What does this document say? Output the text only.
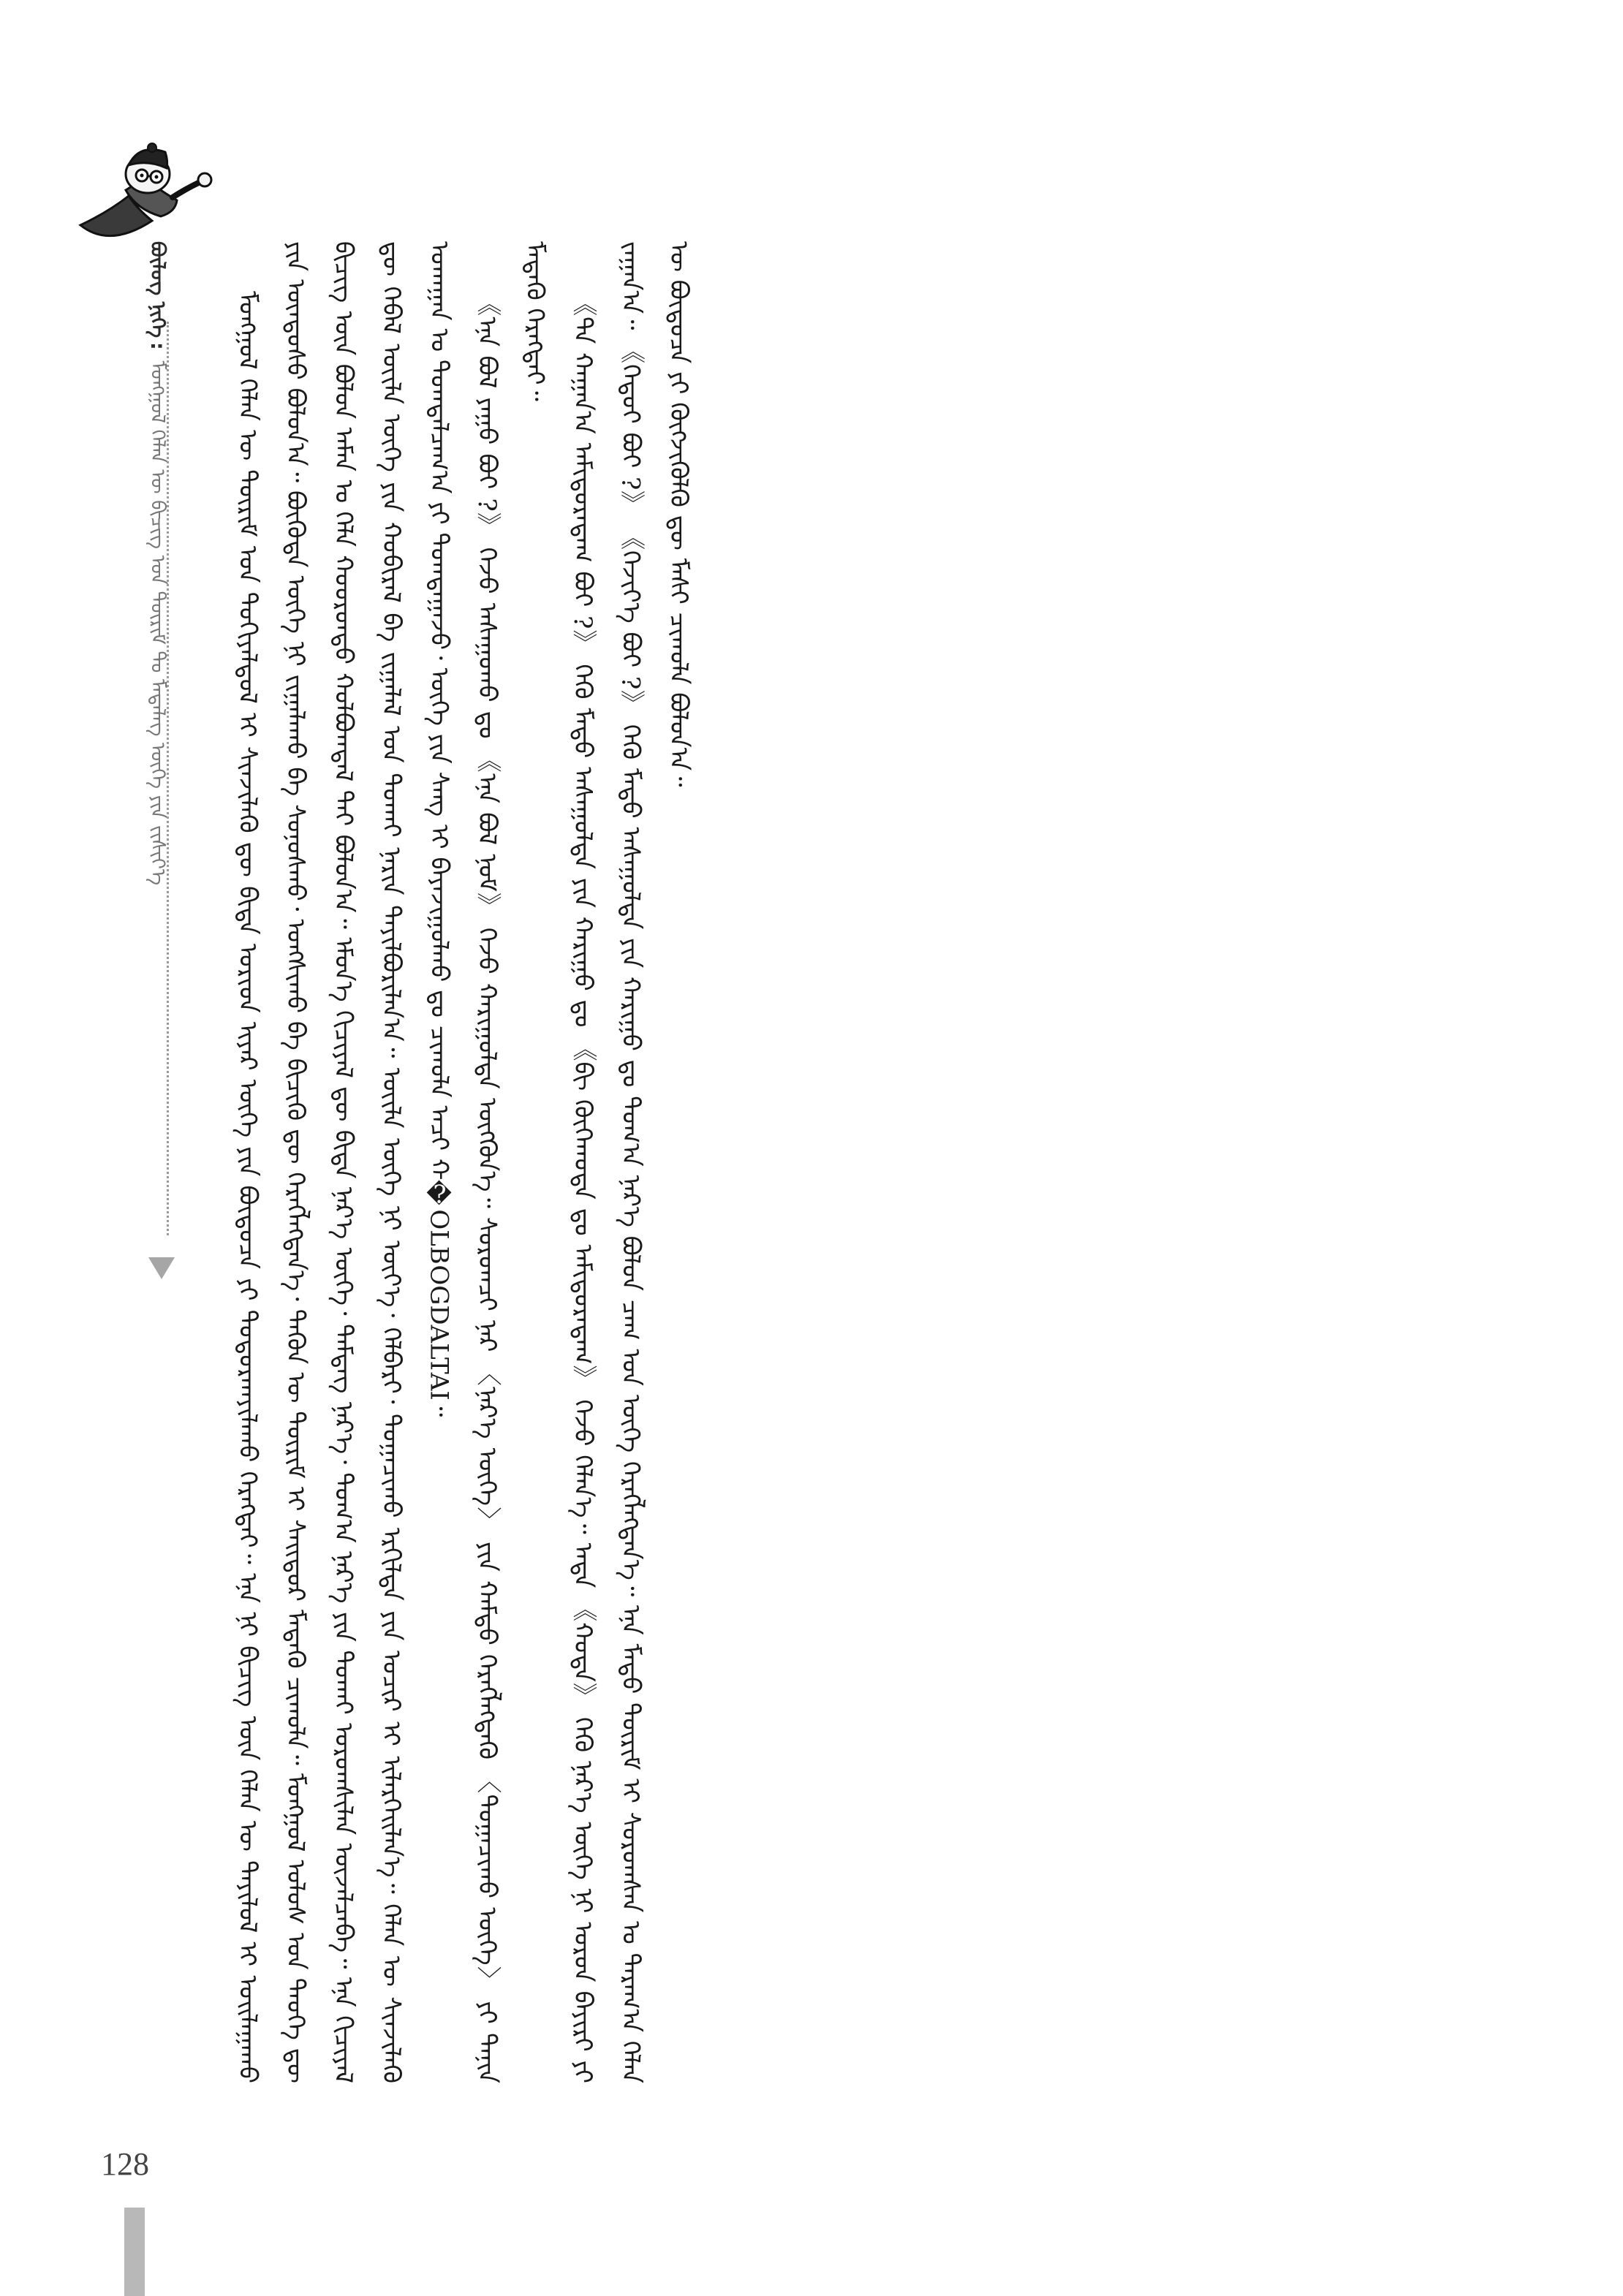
ᠪᠦᠯᠦᠭ ᠨᠢᠭᠡ: ᠮᠣᠩᠭᠣᠯ ᠬᠡᠯᠡᠨ ᠦ ᠪᠢᠴᠢᠭ ᠤᠨ ᠳᠦᠷᠢᠮ ᠲᠤ ᠮᠡᠳᠡᠯᠡᠭ ᠦᠭᠡ ᠶᠢᠨ ᠵᠢᠱᠢᠶ᠎ᠡ	ᠮᠣᠩᠭᠣᠯ ᠬᠡᠯᠡᠨ ᠦ ᠳᠦᠷᠢᠮ ᠤᠨ ᠲᠣᠬᠢᠶᠠᠯᠳᠤᠯ ᠢ ᠰᠢᠨᠵᠢᠯᠡᠬᠦ ᠳᠦ ᠪᠢᠳᠡ ᠤᠷᠢᠳ ᠢᠶᠠᠷ ᠦᠭᠡ ᠶᠢᠨ ᠪᠦᠲᠦᠴᠡ ᠶᠢ ᠲᠣᠳᠣᠷᠬᠠᠶᠢᠯᠠᠬᠤ ᠬᠡᠷᠡᠭᠲᠡᠢ᠃ ᠡᠨᠡ ᠨᠢ ᠪᠢᠴᠢᠭ ᠦᠨ ᠬᠡᠯᠡᠨ ᠦ ᠲᠡᠶᠢᠯᠦᠯ ᠢ ᠣᠢᠯᠠᠭᠠᠬᠤ ᠶᠢᠨ ᠦᠨᠳᠦᠰᠦ ᠪᠣᠯᠤᠨ᠎ᠠ᠃ ᠪᠦᠭᠦᠳᠡ ᠦᠭᠡ ᠨᠢ ᠵᠢᠭᠠᠯᠠᠬᠤ ᠪᠠ ᠰᠣᠨᠣᠰᠬᠤ᠂ ᠤᠩᠰᠢᠬᠤ ᠪᠠ ᠪᠢᠴᠢᠬᠦ ᠳᠦ ᠬᠡᠷᠡᠭᠯᠡᠭᠳᠡᠨ᠎ᠡ᠂ ᠲᠡᠭᠦᠨ ᠦ ᠳᠦᠷᠢᠮ ᠢ ᠰᠠᠢᠲᠤᠷ ᠮᠡᠳᠡᠬᠦ ᠴᠢᠬᠤᠯᠠ᠃ ᠮᠣᠩᠭᠣᠯ ᠤᠯᠤᠰ ᠤᠨ ᠲᠡᠦᠬᠡ ᠳᠦ ᠪᠢᠴᠢᠭ ᠦᠨ ᠪᠣᠯᠤᠨ ᠠᠮᠠᠨ ᠤ ᠬᠡᠯᠡ ᠬᠣᠣᠷᠣᠨᠳᠤ ᠬᠣᠯᠪᠣᠭᠳᠠᠯ ᠲᠠᠢ ᠪᠣᠯᠤᠨ᠎ᠠ᠃ ᠡᠮᠦᠨ᠎ᠡ ᠬᠢᠴᠢᠶᠡᠯ ᠳᠦ ᠪᠢᠳᠡ ᠨᠡᠷ᠎ᠡ ᠦᠭᠡ᠂ ᠲᠡᠮᠳᠡᠭ ᠨᠡᠷ᠎ᠡ᠂ ᠲᠣᠭ᠎ᠠ ᠨᠡᠷ᠎ᠡ ᠶᠢᠨ ᠲᠤᠬᠠᠢ ᠤᠷᠤᠭᠰᠢᠯᠠᠨ ᠦᠵᠡᠯᠴᠡᠪᠡ᠃ ᠡᠨᠡ ᠬᠢᠴᠢᠶᠡᠯ ᠳᠦ ᠭᠡᠪᠡᠯ ᠦᠢᠯᠡ ᠦᠭᠡ ᠶᠢᠨ ᠬᠤᠪᠢᠷᠠᠯ ᠪᠠ ᠵᠢᠭᠠᠯᠠᠯ ᠤᠨ ᠲᠤᠬᠠᠢ ᠨᠠᠷᠢᠨ ᠲᠠᠶᠢᠯᠪᠤᠷᠢᠯᠠᠨ᠎ᠠ᠃ ᠦᠢᠯᠡ ᠦᠭᠡ ᠨᠢ ᠦᠶ᠎ᠡ᠂ ᠬᠡᠯᠪᠡᠷᠢ᠂ ᠲᠣᠭᠠᠴᠢᠬᠤ ᠡᠷᠭᠢᠯᠲᠡ ᠶᠢᠨ ᠤᠴᠢᠷ ᠢ ᠢᠯᠡᠷᠭᠡᠢᠯᠡᠨ᠎ᠡ᠃ ᠬᠡᠯᠡᠨ ᠦ ᠰᠢᠨᠵᠢᠯᠡᠬᠦ ᠤᠬᠠᠭᠠᠨ ᠤ ᠲᠣᠭᠲᠠᠯᠴᠠᠭ᠎ᠠ ᠶᠢ ᠲᠣᠭᠲᠠᠭᠠᠵᠤ᠂ ᠦᠭᠡ ᠶᠢᠨ ᠰᠠᠩ ᠢ ᠪᠠᠶᠠᠵᠢᠭᠤᠯᠬᠤ ᠳᠤ ᠴᠢᠬᠤᠯᠠ ᠠᠴᠢ ᠬ�OLBOGDALTAI᠃ 《ᠡᠨᠡ ᠪᠣᠯ ᠶᠠᠭᠤ ᠪᠤᠢ ?》 ᠭᠡᠵᠦ ᠠᠰᠠᠭᠤᠬᠤ ᠳᠤ 《ᠡᠨᠡ ᠪᠣᠯ ᠨᠣᠮ》 ᠭᠡᠵᠦ ᠬᠠᠷᠢᠭᠤᠯᠲᠠ ᠥᠭᠭᠦᠨ᠎ᠡ᠃ ᠰᠤᠷᠤᠭᠴᠢ ᠨᠠᠷ 〈ᠨᠡᠷ᠎ᠡ ᠦᠭᠡ〉 ᠶᠢᠨ ᠬᠠᠮᠲᠤ ᠬᠡᠷᠡᠭᠯᠡᠭᠳᠡᠬᠦ 〈ᠲᠣᠭᠠᠴᠢᠬᠤ ᠦᠭᠡ〉 ᠶᠢ ᠲᠠᠨᠢᠨ ᠮᠡᠳᠡᠬᠦ ᠬᠡᠷᠡᠭᠲᠡᠢ᠃ 《ᠲᠠ ᠬᠠᠭᠠᠨ᠎ᠠ ᠠᠮᠢᠳᠤᠷᠠᠳᠠᠭ ᠪᠤᠢ ?》 ᠭᠡᠬᠦ ᠮᠡᠲᠦ ᠠᠰᠠᠭᠤᠯᠲᠠ ᠶᠢᠨ ᠬᠠᠷᠢᠭᠤ ᠳᠤ 《ᠪᠢ ᠬᠥᠬᠡᠬᠣᠲᠠ ᠳᠤ ᠠᠮᠢᠳᠤᠷᠠᠳᠠᠭ》 ᠭᠡᠵᠦ ᠬᠡᠯᠡᠨ᠎ᠡ᠃ ᠡᠨᠳᠡ 《ᠬᠣᠲᠠ》 ᠭᠡᠬᠦ ᠨᠡᠷ᠎ᠡ ᠦᠭᠡ ᠨᠢ ᠣᠷᠣᠨ ᠪᠠᠶᠢᠷᠢ ᠶᠢ ᠵᠠᠭᠠᠨ᠎ᠠ᠃ 《ᠬᠡᠳᠦᠢ ᠪᠤᠢ ?》 《ᠬᠡᠵᠢᠶ᠎ᠡ ᠪᠤᠢ ?》 ᠭᠡᠬᠦ ᠮᠡᠲᠦ ᠠᠰᠠᠭᠤᠯᠲᠠ ᠶᠢᠨ ᠬᠠᠷᠢᠭᠤ ᠳᠤ ᠲᠣᠭ᠎ᠠ ᠨᠡᠷ᠎ᠡ ᠪᠣᠯᠤᠨ ᠴᠠᠭ ᠤᠨ ᠦᠭᠡ ᠬᠡᠷᠡᠭᠯᠡᠭᠳᠡᠨ᠎ᠡ᠃ ᠡᠨᠡ ᠮᠡᠲᠦ ᠳᠦᠷᠢᠮ ᠢ ᠰᠤᠷᠤᠭᠰᠠᠨ ᠤ ᠳᠠᠷᠠᠭ᠎ᠠ ᠬᠡᠯᠡᠨ ᠦ ᠪᠦᠲᠦᠴᠡ ᠶᠢ ᠬᠥᠭᠵᠢᠭᠦᠯᠬᠦ ᠳᠦ ᠮᠠᠰᠢ ᠴᠢᠬᠤᠯᠠ ᠪᠣᠯᠤᠨ᠎ᠠ᠃

128
